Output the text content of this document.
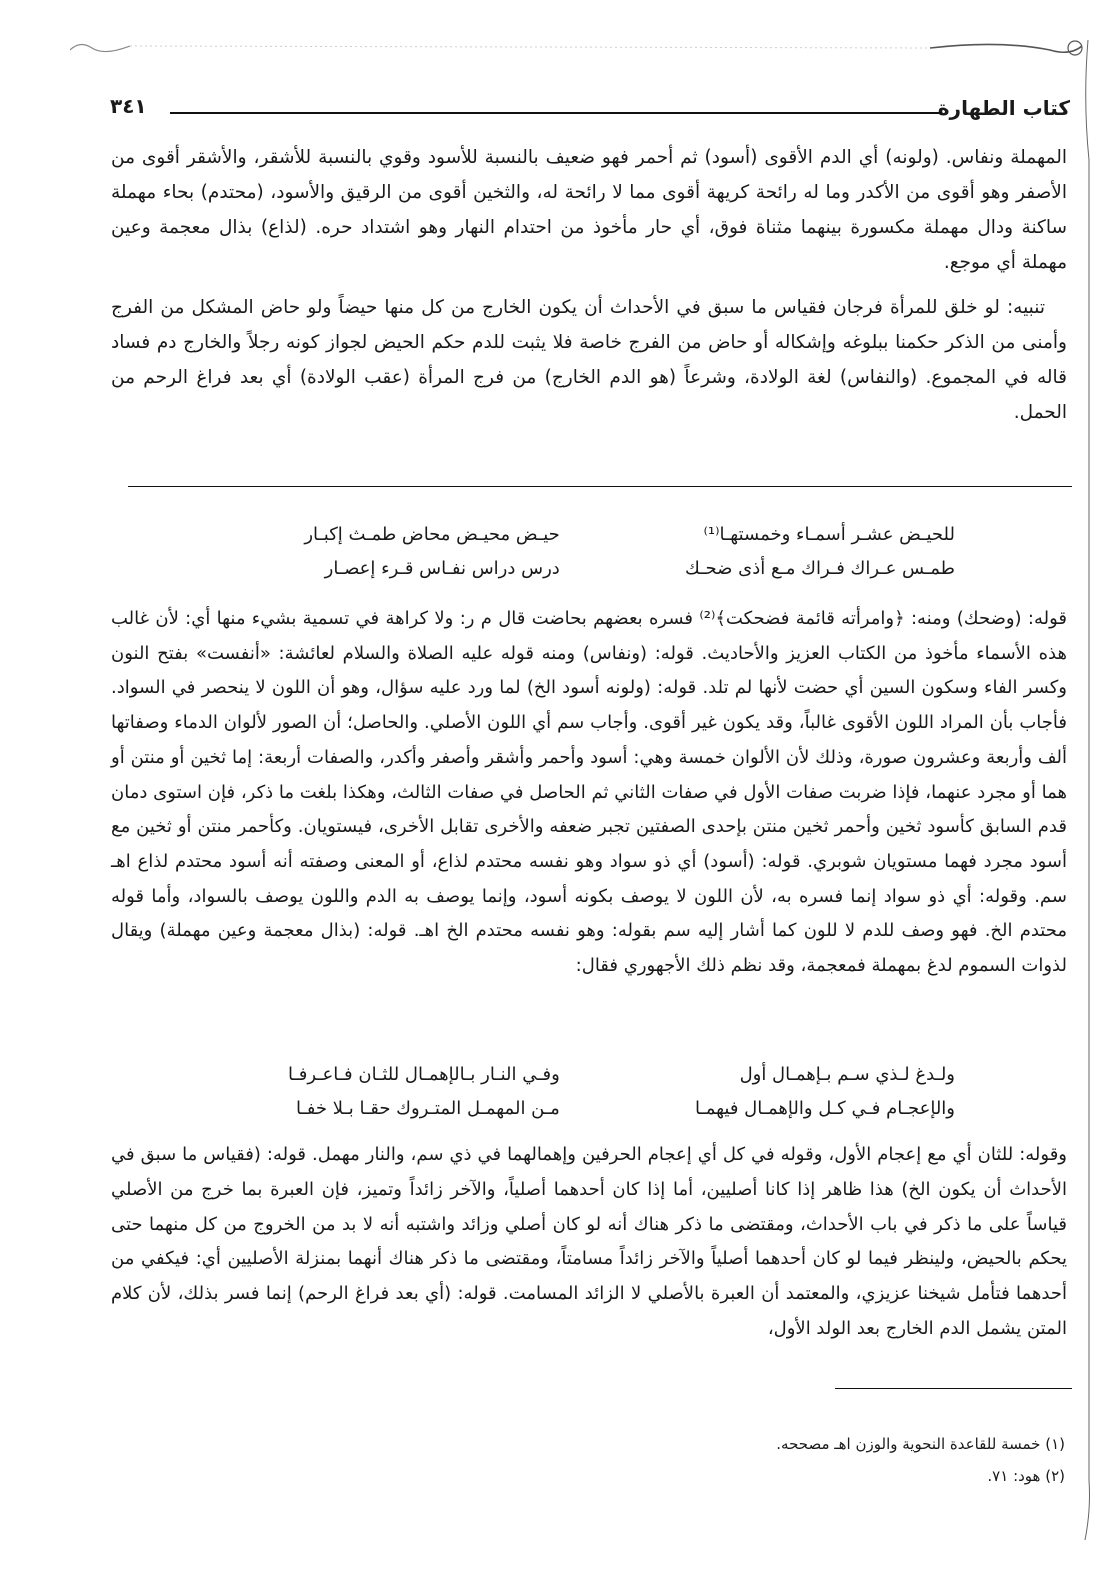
كتاب الطهارة
٣٤١

المهملة ونفاس. (ولونه) أي الدم الأقوى (أسود) ثم أحمر فهو ضعيف بالنسبة للأسود وقوي بالنسبة للأشقر، والأشقر أقوى من الأصفر وهو أقوى من الأكدر وما له رائحة كريهة أقوى مما لا رائحة له، والثخين أقوى من الرقيق والأسود، (محتدم) بحاء مهملة ساكنة ودال مهملة مكسورة بينهما مثناة فوق، أي حار مأخوذ من احتدام النهار وهو اشتداد حره. (لذاع) بذال معجمة وعين مهملة أي موجع.

تنبيه: لو خلق للمرأة فرجان فقياس ما سبق في الأحداث أن يكون الخارج من كل منها حيضاً ولو حاض المشكل من الفرج وأمنى من الذكر حكمنا ببلوغه وإشكاله أو حاض من الفرج خاصة فلا يثبت للدم حكم الحيض لجواز كونه رجلاً والخارج دم فساد قاله في المجموع. (والنفاس) لغة الولادة، وشرعاً (هو الدم الخارج) من فرج المرأة (عقب الولادة) أي بعد فراغ الرحم من الحمل.

للحيـض عشـر أسمـاء وخمستهـا⁽¹⁾
حيـض محيـض محاض طمـث إكبـار
طمـس عـراك فـراك مـع أذى ضحـك
درس دراس نفـاس قـرء إعصـار

قوله: (وضحك) ومنه: ﴿وامرأته قائمة فضحكت﴾⁽²⁾ فسره بعضهم بحاضت قال م ر: ولا كراهة في تسمية بشيء منها أي: لأن غالب هذه الأسماء مأخوذ من الكتاب العزيز والأحاديث. قوله: (ونفاس) ومنه قوله عليه الصلاة والسلام لعائشة: «أنفست» بفتح النون وكسر الفاء وسكون السين أي حضت لأنها لم تلد. قوله: (ولونه أسود الخ) لما ورد عليه سؤال، وهو أن اللون لا ينحصر في السواد. فأجاب بأن المراد اللون الأقوى غالباً، وقد يكون غير أقوى. وأجاب سم أي اللون الأصلي. والحاصل؛ أن الصور لألوان الدماء وصفاتها ألف وأربعة وعشرون صورة، وذلك لأن الألوان خمسة وهي: أسود وأحمر وأشقر وأصفر وأكدر، والصفات أربعة: إما ثخين أو منتن أو هما أو مجرد عنهما، فإذا ضربت صفات الأول في صفات الثاني ثم الحاصل في صفات الثالث، وهكذا بلغت ما ذكر، فإن استوى دمان قدم السابق كأسود ثخين وأحمر ثخين منتن بإحدى الصفتين تجبر ضعفه والأخرى تقابل الأخرى، فيستويان. وكأحمر منتن أو ثخين مع أسود مجرد فهما مستويان شوبري. قوله: (أسود) أي ذو سواد وهو نفسه محتدم لذاع، أو المعنى وصفته أنه أسود محتدم لذاع اهـ سم. وقوله: أي ذو سواد إنما فسره به، لأن اللون لا يوصف بكونه أسود، وإنما يوصف به الدم واللون يوصف بالسواد، وأما قوله محتدم الخ. فهو وصف للدم لا للون كما أشار إليه سم بقوله: وهو نفسه محتدم الخ اهـ. قوله: (بذال معجمة وعين مهملة) ويقال لذوات السموم لدغ بمهملة فمعجمة، وقد نظم ذلك الأجهوري فقال:

ولـدغ لـذي سـم بـإهمـال أول
وفـي النـار بـالإهمـال للثـان فـاعـرفـا
والإعجـام فـي كـل والإهمـال فيهمـا
مـن المهمـل المتـروك حقـا بـلا خفـا

وقوله: للثان أي مع إعجام الأول، وقوله في كل أي إعجام الحرفين وإهمالهما في ذي سم، والنار مهمل. قوله: (فقياس ما سبق في الأحداث أن يكون الخ) هذا ظاهر إذا كانا أصليين، أما إذا كان أحدهما أصلياً، والآخر زائداً وتميز، فإن العبرة بما خرج من الأصلي قياساً على ما ذكر في باب الأحداث، ومقتضى ما ذكر هناك أنه لو كان أصلي وزائد واشتبه أنه لا بد من الخروج من كل منهما حتى يحكم بالحيض، ولينظر فيما لو كان أحدهما أصلياً والآخر زائداً مسامتاً، ومقتضى ما ذكر هناك أنهما بمنزلة الأصليين أي: فيكفي من أحدهما فتأمل شيخنا عزيزي، والمعتمد أن العبرة بالأصلي لا الزائد المسامت. قوله: (أي بعد فراغ الرحم) إنما فسر بذلك، لأن كلام المتن يشمل الدم الخارج بعد الولد الأول،

(١) خمسة للقاعدة النحوية والوزن اهـ مصححه.
(٢) هود: ٧١.
